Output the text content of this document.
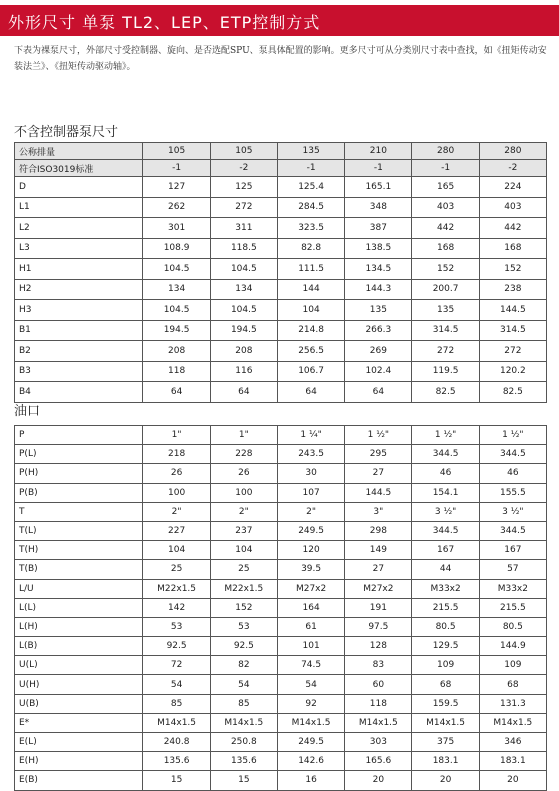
外形尺寸 单泵 TL2、LEP、ETP控制方式
下表为裸泵尺寸，外部尺寸受控制器、旋向、是否选配SPU、泵具体配置的影响。更多尺寸可从分类别尺寸表中查找，如《扭矩传动安装法兰》、《扭矩传动驱动轴》。
不含控制器泵尺寸
公称排量	105	105	135	210	280	280
符合ISO3019标准	-1	-2	-1	-1	-1	-2
D	127	125	125.4	165.1	165	224
L1	262	272	284.5	348	403	403
L2	301	311	323.5	387	442	442
L3	108.9	118.5	82.8	138.5	168	168
H1	104.5	104.5	111.5	134.5	152	152
H2	134	134	144	144.3	200.7	238
H3	104.5	104.5	104	135	135	144.5
B1	194.5	194.5	214.8	266.3	314.5	314.5
B2	208	208	256.5	269	272	272
B3	118	116	106.7	102.4	119.5	120.2
B4	64	64	64	64	82.5	82.5
油口
P	1"	1"	1 ¼"	1 ½"	1 ½"	1 ½"
P(L)	218	228	243.5	295	344.5	344.5
P(H)	26	26	30	27	46	46
P(B)	100	100	107	144.5	154.1	155.5
T	2"	2"	2"	3"	3 ½"	3 ½"
T(L)	227	237	249.5	298	344.5	344.5
T(H)	104	104	120	149	167	167
T(B)	25	25	39.5	27	44	57
L/U	M22x1.5	M22x1.5	M27x2	M27x2	M33x2	M33x2
L(L)	142	152	164	191	215.5	215.5
L(H)	53	53	61	97.5	80.5	80.5
L(B)	92.5	92.5	101	128	129.5	144.9
U(L)	72	82	74.5	83	109	109
U(H)	54	54	54	60	68	68
U(B)	85	85	92	118	159.5	131.3
E*	M14x1.5	M14x1.5	M14x1.5	M14x1.5	M14x1.5	M14x1.5
E(L)	240.8	250.8	249.5	303	375	346
E(H)	135.6	135.6	142.6	165.6	183.1	183.1
E(B)	15	15	16	20	20	20
